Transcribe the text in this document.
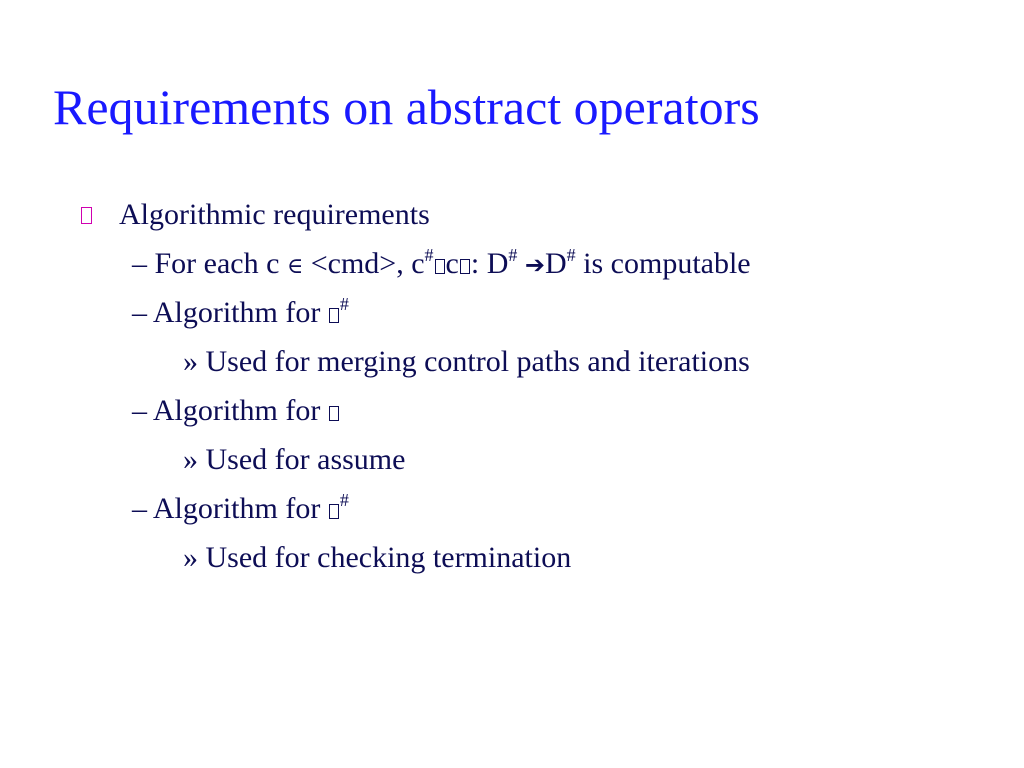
Requirements on abstract operators
Algorithmic requirements
– For each c ∈ <cmd>, c# c : D# ➔D# is computable
– Algorithm for #
» Used for merging control paths and iterations
– Algorithm for
» Used for assume
– Algorithm for #
» Used for checking termination
